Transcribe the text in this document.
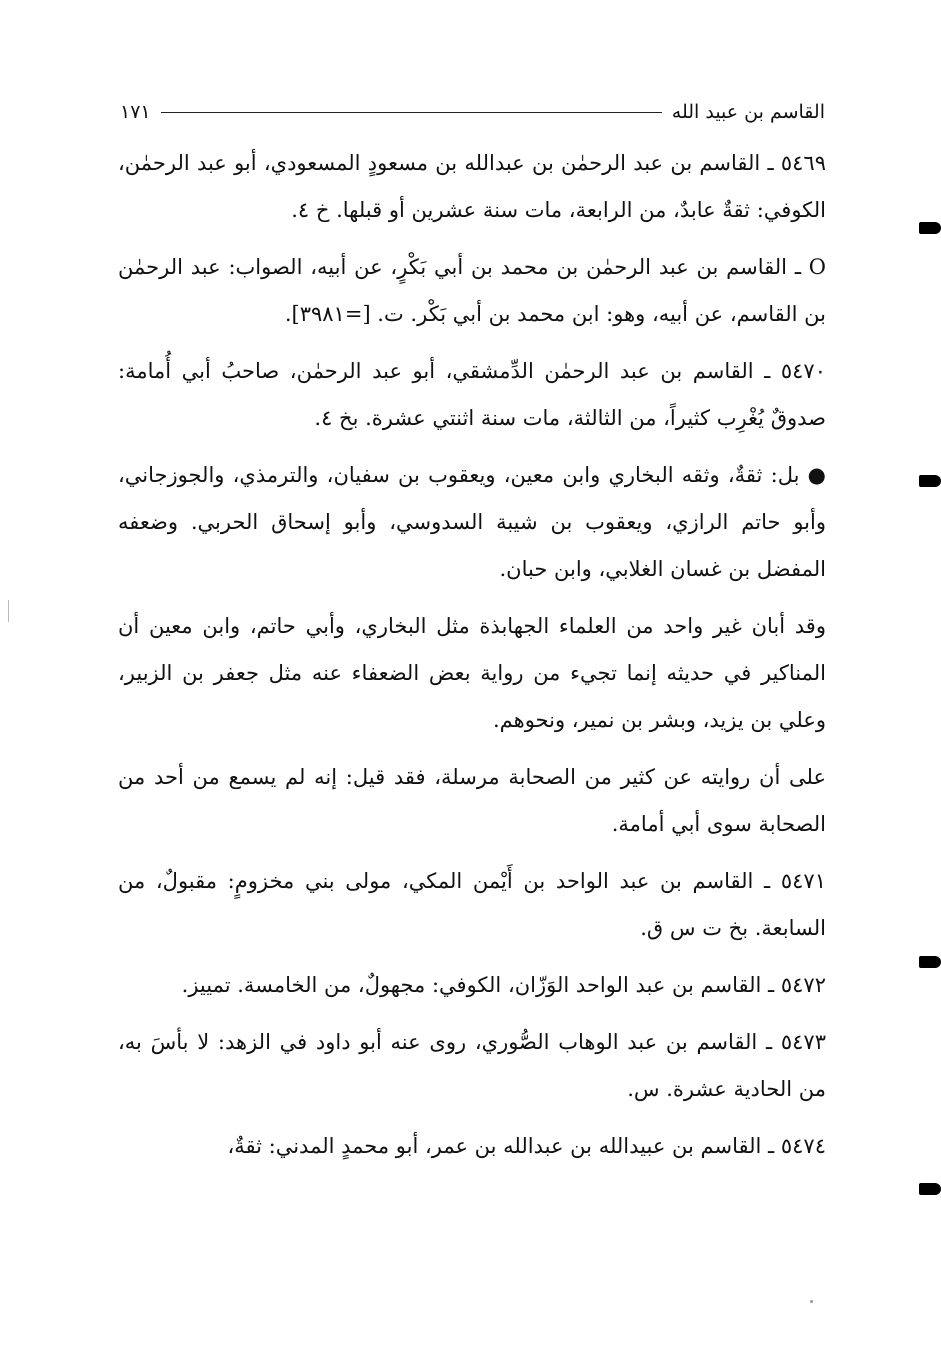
القاسم بن عبيد الله
١٧١

٥٤٦٩ ـ القاسم بن عبد الرحمٰن بن عبدالله بن مسعودٍ المسعودي، أبو عبد الرحمٰن، الكوفي: ثقةٌ عابدٌ، من الرابعة، مات سنة عشرين أو قبلها. خ ٤.

O ـ القاسم بن عبد الرحمٰن بن محمد بن أبي بَكْرٍ، عن أبيه، الصواب: عبد الرحمٰن بن القاسم، عن أبيه، وهو: ابن محمد بن أبي بَكْر. ت. [=٣٩٨١].

٥٤٧٠ ـ القاسم بن عبد الرحمٰن الدِّمشقي، أبو عبد الرحمٰن، صاحبُ أبي أُمامة: صدوقٌ يُغْرِب كثيراً، من الثالثة، مات سنة اثنتي عشرة. بخ ٤.

● بل: ثقةٌ، وثقه البخاري وابن معين، ويعقوب بن سفيان، والترمذي، والجوزجاني، وأبو حاتم الرازي، ويعقوب بن شيبة السدوسي، وأبو إسحاق الحربي. وضعفه المفضل بن غسان الغلابي، وابن حبان.

وقد أبان غير واحد من العلماء الجهابذة مثل البخاري، وأبي حاتم، وابن معين أن المناكير في حديثه إنما تجيء من رواية بعض الضعفاء عنه مثل جعفر بن الزبير، وعلي بن يزيد، وبشر بن نمير، ونحوهم.

على أن روايته عن كثير من الصحابة مرسلة، فقد قيل: إنه لم يسمع من أحد من الصحابة سوى أبي أمامة.

٥٤٧١ ـ القاسم بن عبد الواحد بن أَيْمن المكي، مولى بني مخزومٍ: مقبولٌ، من السابعة. بخ ت س ق.

٥٤٧٢ ـ القاسم بن عبد الواحد الوَزّان، الكوفي: مجهولٌ، من الخامسة. تمييز.

٥٤٧٣ ـ القاسم بن عبد الوهاب الصُّوري، روى عنه أبو داود في الزهد: لا بأسَ به، من الحادية عشرة. س.

٥٤٧٤ ـ القاسم بن عبيدالله بن عبدالله بن عمر، أبو محمدٍ المدني: ثقةٌ،
